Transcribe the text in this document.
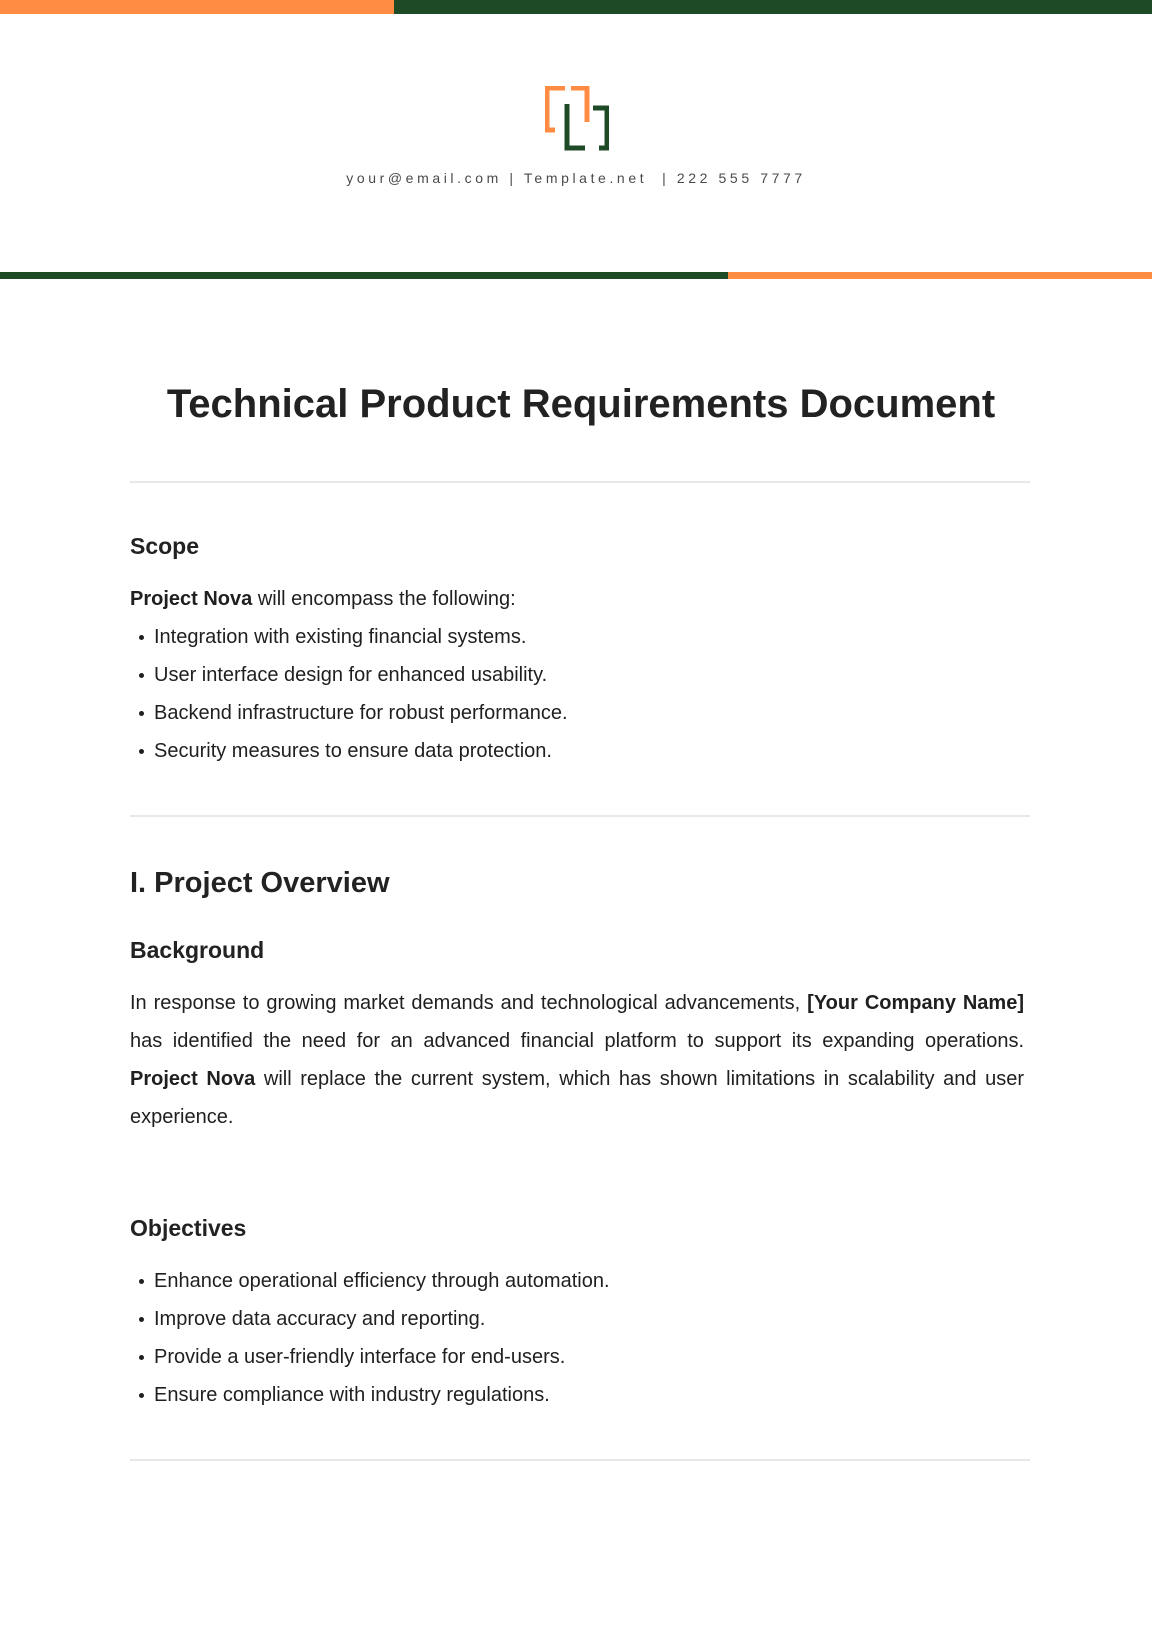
your@email.com | Template.net  | 222 555 7777
Technical Product Requirements Document
Scope

Project Nova will encompass the following:

Integration with existing financial systems.
User interface design for enhanced usability.
Backend infrastructure for robust performance.
Security measures to ensure data protection.
I. Project Overview
Background

In response to growing market demands and technological advancements, [Your Company Name] has identified the need for an advanced financial platform to support its expanding operations. Project Nova will replace the current system, which has shown limitations in scalability and user experience.

Objectives
Enhance operational efficiency through automation.
Improve data accuracy and reporting.
Provide a user-friendly interface for end-users.
Ensure compliance with industry regulations.
